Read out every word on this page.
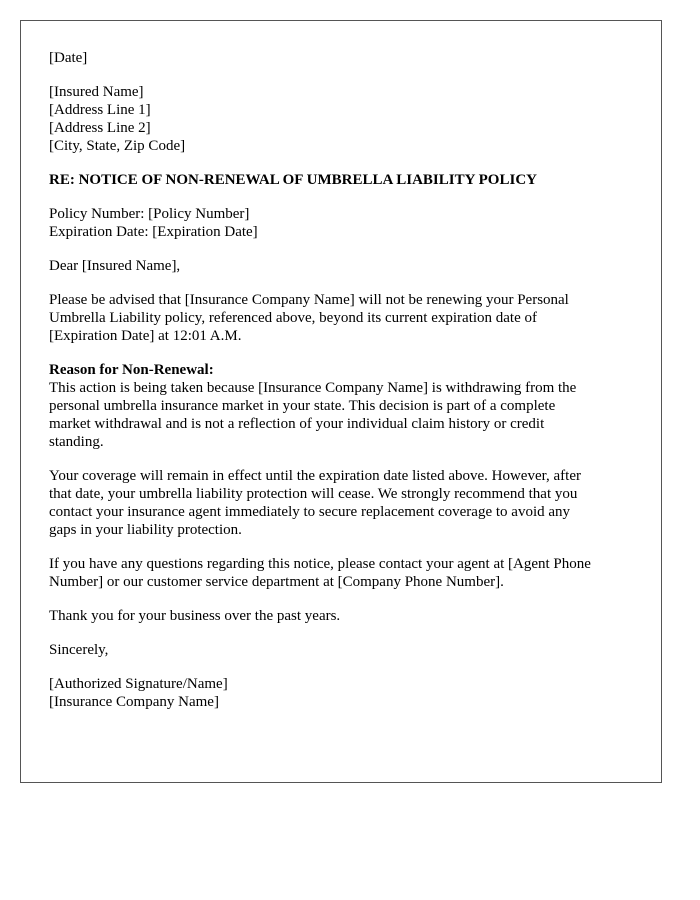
[Date]

[Insured Name]
[Address Line 1]
[Address Line 2]
[City, State, Zip Code]

RE: NOTICE OF NON-RENEWAL OF UMBRELLA LIABILITY POLICY

Policy Number: [Policy Number]
Expiration Date: [Expiration Date]

Dear [Insured Name],

Please be advised that [Insurance Company Name] will not be renewing your Personal
Umbrella Liability policy, referenced above, beyond its current expiration date of
[Expiration Date] at 12:01 A.M.

Reason for Non-Renewal:
This action is being taken because [Insurance Company Name] is withdrawing from the
personal umbrella insurance market in your state. This decision is part of a complete
market withdrawal and is not a reflection of your individual claim history or credit
standing.

Your coverage will remain in effect until the expiration date listed above. However, after
that date, your umbrella liability protection will cease. We strongly recommend that you
contact your insurance agent immediately to secure replacement coverage to avoid any
gaps in your liability protection.

If you have any questions regarding this notice, please contact your agent at [Agent Phone
Number] or our customer service department at [Company Phone Number].

Thank you for your business over the past years.

Sincerely,

[Authorized Signature/Name]
[Insurance Company Name]
